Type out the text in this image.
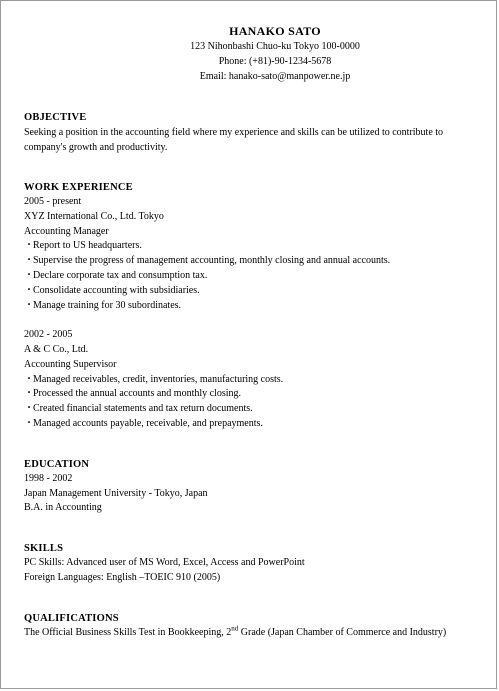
HANAKO SATO
123 Nihonbashi Chuo-ku Tokyo 100-0000
Phone: (+81)-90-1234-5678
Email: hanako-sato@manpower.ne.jp
OBJECTIVE
Seeking a position in the accounting field where my experience and skills can be utilized to contribute to company's growth and productivity.
WORK EXPERIENCE
2005 - present
XYZ International Co., Ltd. Tokyo
Accounting Manager
・Report to US headquarters.
・Supervise the progress of management accounting, monthly closing and annual accounts.
・Declare corporate tax and consumption tax.
・Consolidate accounting with subsidiaries.
・Manage training for 30 subordinates.
2002 - 2005
A & C Co., Ltd.
Accounting Supervisor
・Managed receivables, credit, inventories, manufacturing costs.
・Processed the annual accounts and monthly closing.
・Created financial statements and tax return documents.
・Managed accounts payable, receivable, and prepayments.
EDUCATION
1998 - 2002
Japan Management University - Tokyo, Japan
B.A. in Accounting
SKILLS
PC Skills: Advanced user of MS Word, Excel, Access and PowerPoint
Foreign Languages: English –TOEIC 910 (2005)
QUALIFICATIONS
The Official Business Skills Test in Bookkeeping, 2nd Grade (Japan Chamber of Commerce and Industry)
